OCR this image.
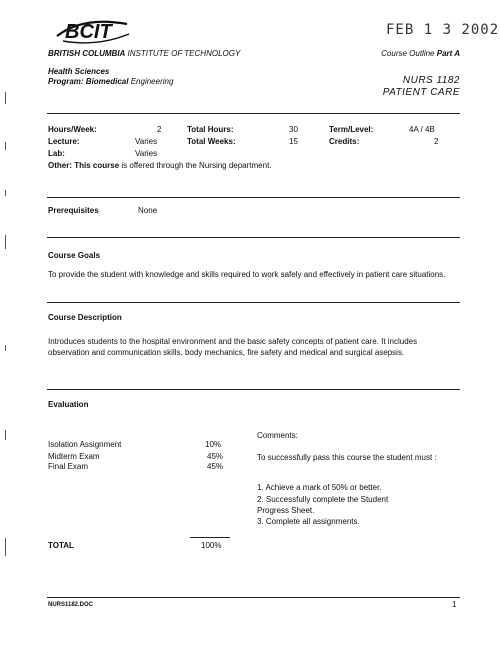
BCIT	FEB 1 3 2002
BRITISH COLUMBIA INSTITUTE OF TECHNOLOGY
Health Sciences
Program: Biomedical Engineering
Course Outline Part A
NURS 1182
PATIENT CARE
Hours/Week:	2	Total Hours:	30	Term/Level:	4A / 4B
Lecture:	Varies	Total Weeks:	15	Credits:	2
Lab:	Varies
Other: This course is offered through the Nursing department.
Prerequisites	None
Course Goals
To provide the student with knowledge and skills required to work safely and effectively in patient care situations.
Course Description
Introduces students to the hospital environment and the basic safety concepts of patient care. It includes observation and communication skills, body mechanics, fire safety and medical and surgical asepsis.
Evaluation
Isolation Assignment	10%
Midterm Exam	45%
Final Exam	45%
Comments:
To successfully pass this course the student must :
1. Achieve a mark of 50% or better.
2. Successfully complete the Student Progress Sheet.
3. Complete all assignments.
TOTAL	100%
NURS1182.DOC	1
